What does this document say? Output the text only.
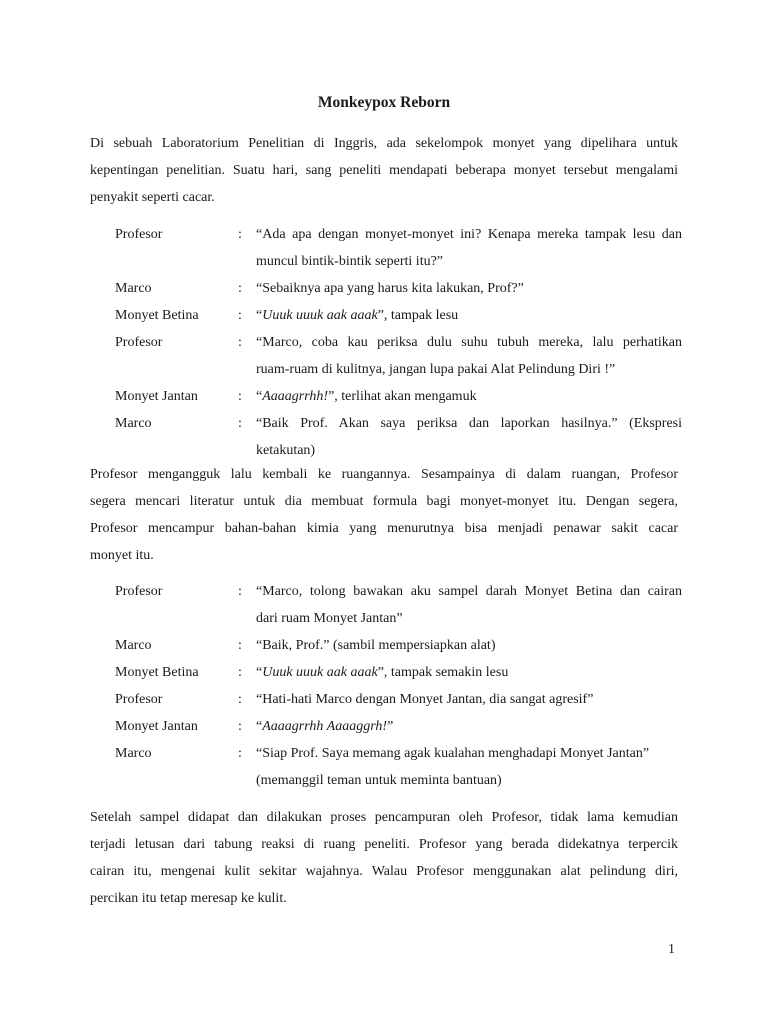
Monkeypox Reborn

Di sebuah Laboratorium Penelitian di Inggris, ada sekelompok monyet yang dipelihara untuk
kepentingan penelitian. Suatu hari, sang peneliti mendapati beberapa monyet tersebut mengalami
penyakit seperti cacar.

Profesor	: “Ada apa dengan monyet-monyet ini? Kenapa mereka tampak lesu dan
muncul bintik-bintik seperti itu?”
Marco	: “Sebaiknya apa yang harus kita lakukan, Prof?”
Monyet Betina	: “Uuuk uuuk aak aaak”, tampak lesu
Profesor	: “Marco, coba kau periksa dulu suhu tubuh mereka, lalu perhatikan
ruam-ruam di kulitnya, jangan lupa pakai Alat Pelindung Diri !”
Monyet Jantan	: “Aaaagrrhh!”, terlihat akan mengamuk
Marco	: “Baik Prof. Akan saya periksa dan laporkan hasilnya.” (Ekspresi
ketakutan)

Profesor mengangguk lalu kembali ke ruangannya. Sesampainya di dalam ruangan, Profesor
segera mencari literatur untuk dia membuat formula bagi monyet-monyet itu. Dengan segera,
Profesor mencampur bahan-bahan kimia yang menurutnya bisa menjadi penawar sakit cacar
monyet itu.

Profesor	: “Marco, tolong bawakan aku sampel darah Monyet Betina dan cairan
dari ruam Monyet Jantan”
Marco	: “Baik, Prof.” (sambil mempersiapkan alat)
Monyet Betina	: “Uuuk uuuk aak aaak”, tampak semakin lesu
Profesor	: “Hati-hati Marco dengan Monyet Jantan, dia sangat agresif”
Monyet Jantan	: “Aaaagrrhh Aaaaggrh!”
Marco	: “Siap Prof. Saya memang agak kualahan menghadapi Monyet Jantan”
(memanggil teman untuk meminta bantuan)

Setelah sampel didapat dan dilakukan proses pencampuran oleh Profesor, tidak lama kemudian
terjadi letusan dari tabung reaksi di ruang peneliti. Profesor yang berada didekatnya terpercik
cairan itu, mengenai kulit sekitar wajahnya. Walau Profesor menggunakan alat pelindung diri,
percikan itu tetap meresap ke kulit.

1
